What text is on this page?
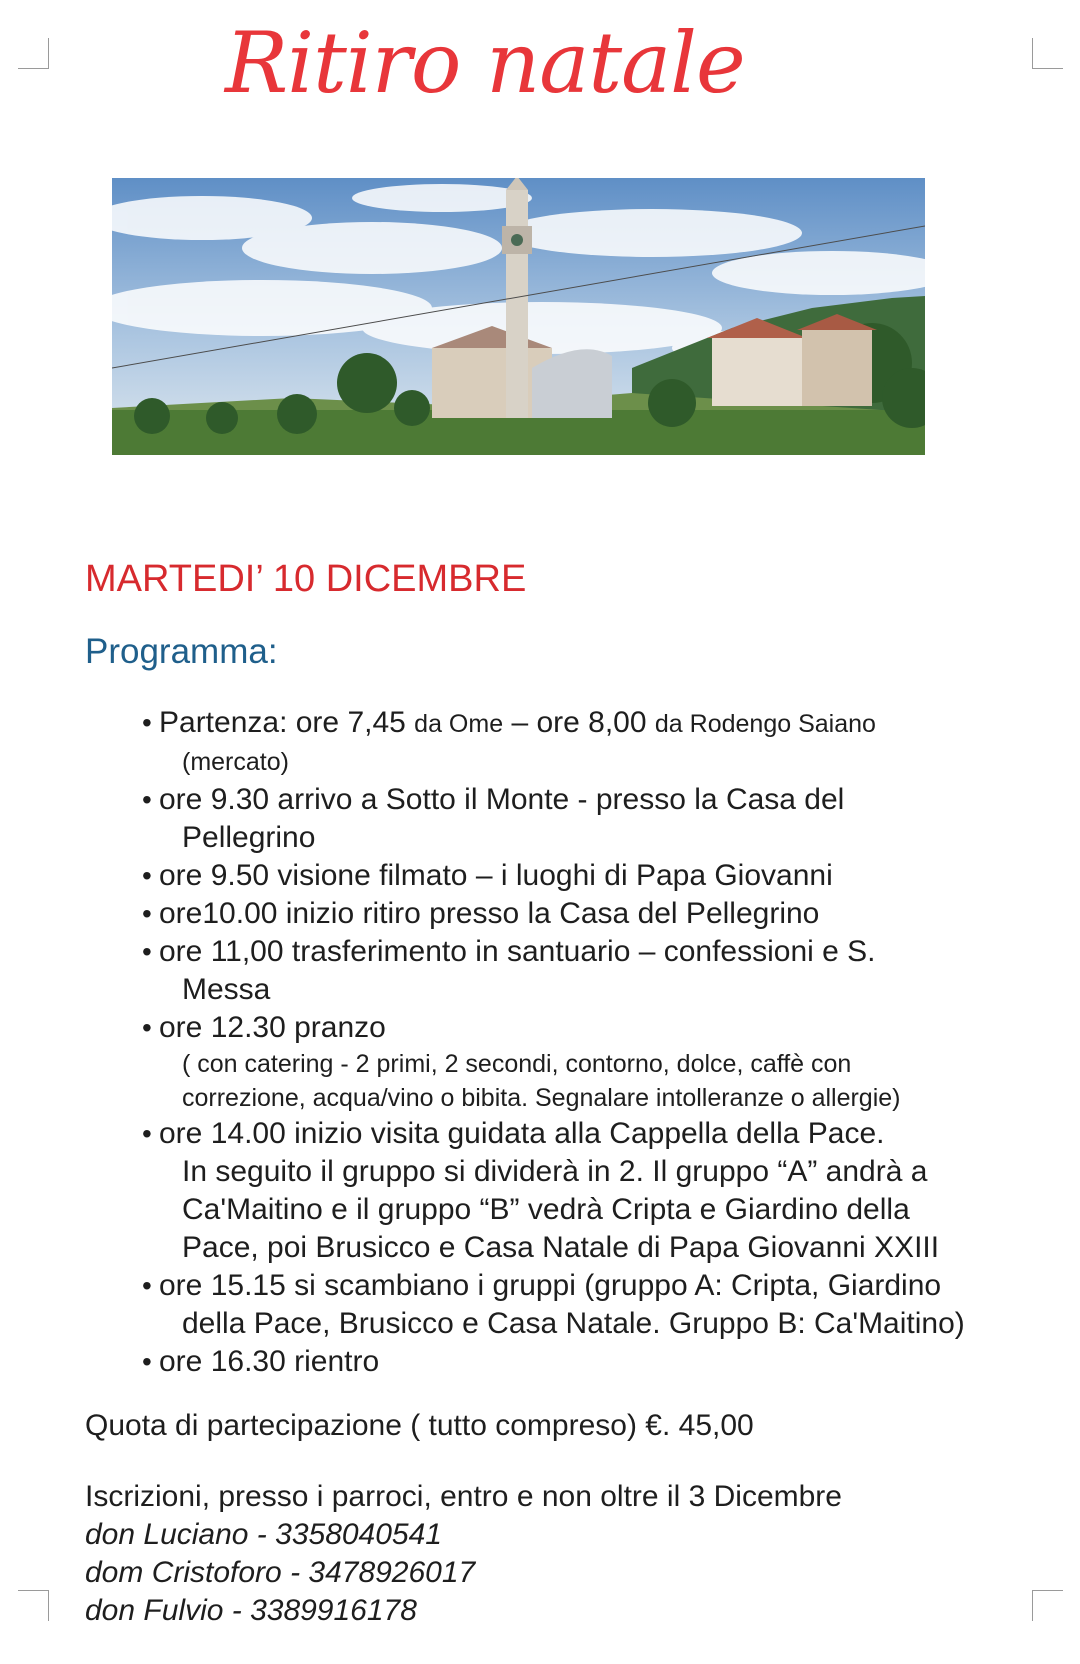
Ritiro natale
MARTEDI’ 10 DICEMBRE
Programma:
• Partenza: ore 7,45 da Ome – ore 8,00 da Rodengo Saiano
(mercato)
• ore 9.30 arrivo a Sotto il Monte - presso la Casa del
Pellegrino
• ore 9.50 visione filmato – i luoghi di Papa Giovanni
• ore10.00 inizio ritiro presso la Casa del Pellegrino
• ore 11,00 trasferimento in santuario – confessioni e S.
Messa
• ore 12.30 pranzo
( con catering - 2 primi, 2 secondi, contorno, dolce, caffè con
correzione, acqua/vino o bibita. Segnalare intolleranze o allergie)
• ore 14.00 inizio visita guidata alla Cappella della Pace.
In seguito il gruppo si dividerà in 2. Il gruppo “A” andrà a
Ca'Maitino e il gruppo “B” vedrà Cripta e Giardino della
Pace, poi Brusicco e Casa Natale di Papa Giovanni XXIII
• ore 15.15 si scambiano i gruppi (gruppo A: Cripta, Giardino
della Pace, Brusicco e Casa Natale. Gruppo B: Ca'Maitino)
• ore 16.30 rientro
Quota di partecipazione ( tutto compreso) €. 45,00
Iscrizioni, presso i parroci, entro e non oltre il 3 Dicembre
don Luciano - 3358040541
dom Cristoforo - 3478926017
don Fulvio - 3389916178
